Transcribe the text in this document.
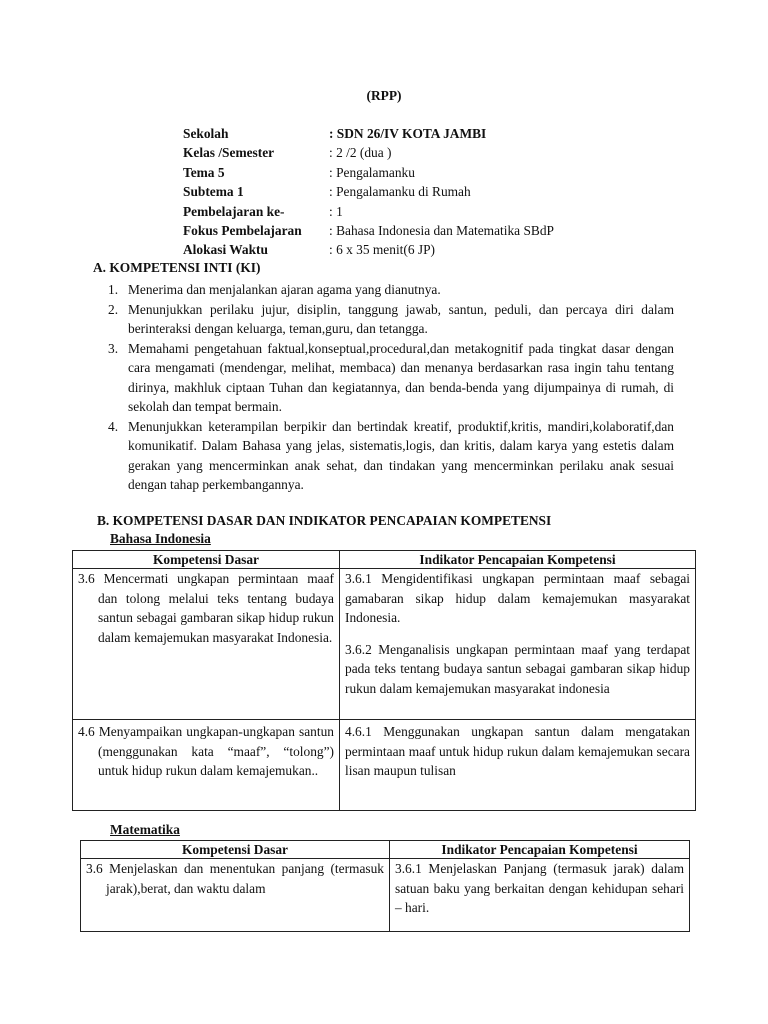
(RPP)
Sekolah	: SDN 26/IV KOTA JAMBI
Kelas /Semester	: 2 /2 (dua )
Tema 5	: Pengalamanku
Subtema 1	: Pengalamanku di Rumah
Pembelajaran ke-	: 1
Fokus Pembelajaran	: Bahasa Indonesia dan Matematika SBdP
Alokasi Waktu	: 6 x 35 menit(6 JP)
A. KOMPETENSI INTI (KI)
1. Menerima dan menjalankan ajaran agama yang dianutnya.
2. Menunjukkan perilaku jujur, disiplin, tanggung jawab, santun, peduli, dan percaya diri dalam berinteraksi dengan keluarga, teman,guru, dan tetangga.
3. Memahami pengetahuan faktual,konseptual,procedural,dan metakognitif pada tingkat dasar dengan cara mengamati (mendengar, melihat, membaca) dan menanya berdasarkan rasa ingin tahu tentang dirinya, makhluk ciptaan Tuhan dan kegiatannya, dan benda-benda yang dijumpainya di rumah, di sekolah dan tempat bermain.
4. Menunjukkan keterampilan berpikir dan bertindak kreatif, produktif,kritis, mandiri,kolaboratif,dan komunikatif. Dalam Bahasa yang jelas, sistematis,logis, dan kritis, dalam karya yang estetis dalam gerakan yang mencerminkan anak sehat, dan tindakan yang mencerminkan perilaku anak sesuai dengan tahap perkembangannya.
B. KOMPETENSI DASAR DAN INDIKATOR PENCAPAIAN KOMPETENSI
Bahasa Indonesia
Kompetensi Dasar	Indikator Pencapaian Kompetensi

3.6 Mencermati ungkapan permintaan maaf dan tolong melalui teks tentang budaya santun sebagai gambaran sikap hidup rukun dalam kemajemukan masyarakat Indonesia.	3.6.1 Mengidentifikasi ungkapan permintaan maaf sebagai gamabaran sikap hidup dalam kemajemukan masyarakat Indonesia.

3.6.2 Menganalisis ungkapan permintaan maaf yang terdapat pada teks tentang budaya santun sebagai gambaran sikap hidup rukun dalam kemajemukan masyarakat indonesia

4.6 Menyampaikan ungkapan-ungkapan santun (menggunakan kata “maaf”, “tolong”) untuk hidup rukun dalam kemajemukan..	4.6.1 Menggunakan ungkapan santun dalam mengatakan permintaan maaf untuk hidup rukun dalam kemajemukan secara lisan maupun tulisan

Matematika
Kompetensi Dasar	Indikator Pencapaian Kompetensi

3.6 Menjelaskan dan menentukan panjang (termasuk jarak),berat, dan waktu dalam	3.6.1 Menjelaskan Panjang (termasuk jarak) dalam satuan baku yang berkaitan dengan kehidupan sehari – hari.
